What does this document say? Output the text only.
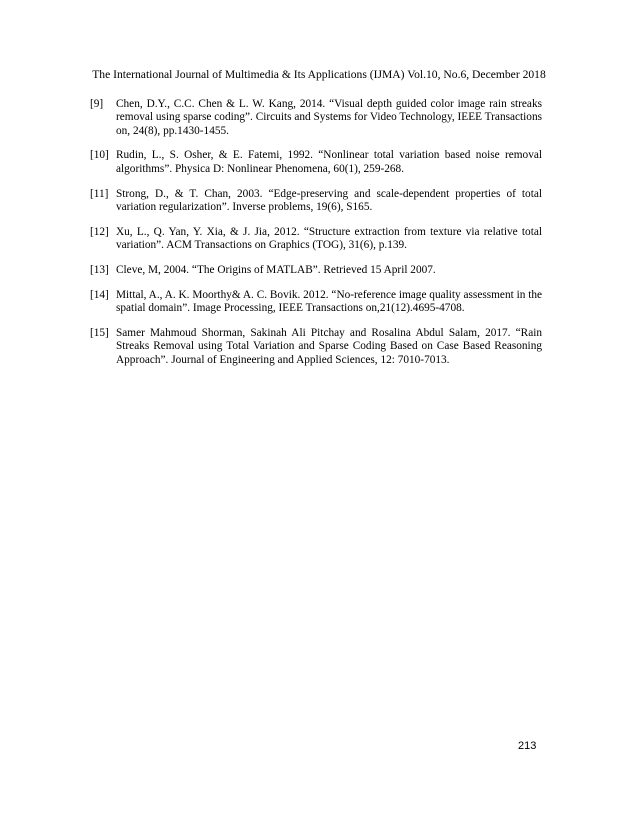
The International Journal of Multimedia & Its Applications (IJMA) Vol.10, No.6, December 2018
[9]	Chen, D.Y., C.C. Chen & L. W. Kang, 2014. “Visual depth guided color image rain streaks removal using sparse coding”. Circuits and Systems for Video Technology, IEEE Transactions on, 24(8), pp.1430-1455.
[10] Rudin, L., S. Osher, & E. Fatemi, 1992. “Nonlinear total variation based noise removal algorithms”. Physica D: Nonlinear Phenomena, 60(1), 259-268.
[11] Strong, D., & T. Chan, 2003. “Edge-preserving and scale-dependent properties of total variation regularization”. Inverse problems, 19(6), S165.
[12] Xu, L., Q. Yan, Y. Xia, & J. Jia, 2012. “Structure extraction from texture via relative total variation”. ACM Transactions on Graphics (TOG), 31(6), p.139.
[13] Cleve, M, 2004. “The Origins of MATLAB”. Retrieved 15 April 2007.
[14] Mittal, A., A. K. Moorthy& A. C. Bovik. 2012. “No-reference image quality assessment in the spatial domain”. Image Processing, IEEE Transactions on,21(12).4695-4708.
[15] Samer Mahmoud Shorman, Sakinah Ali Pitchay and Rosalina Abdul Salam, 2017. “Rain Streaks Removal using Total Variation and Sparse Coding Based on Case Based Reasoning Approach”. Journal of Engineering and Applied Sciences, 12: 7010-7013.
213
